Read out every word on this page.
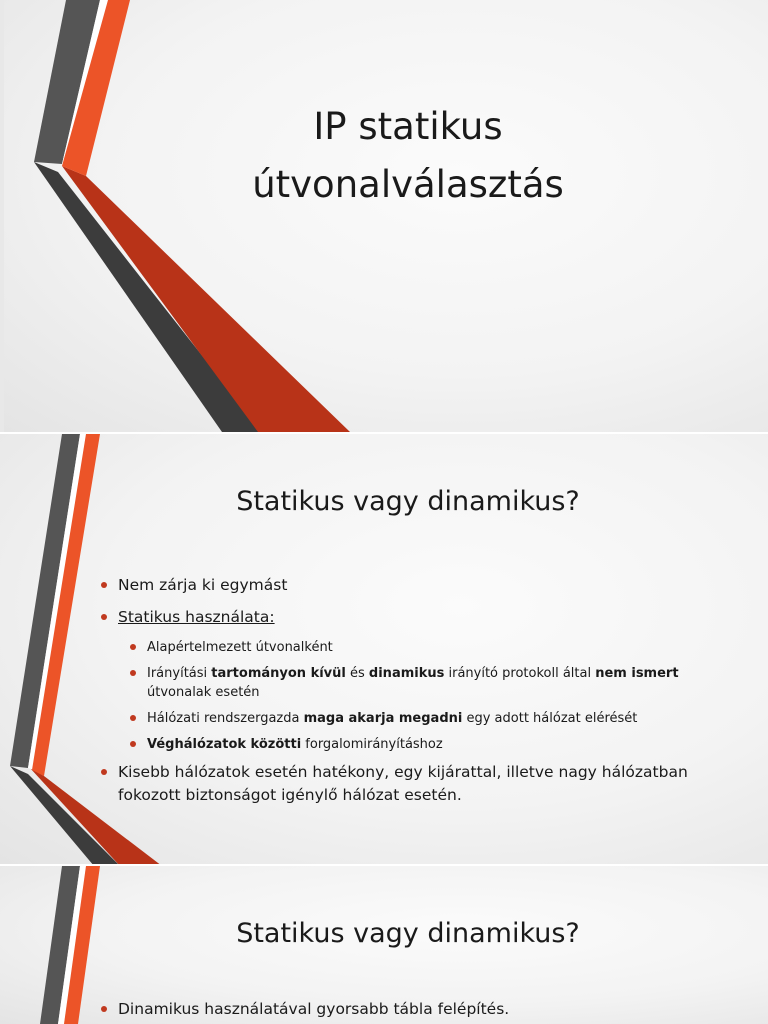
IP statikus
útvonalválasztás
Statikus vagy dinamikus?
Nem zárja ki egymást
Statikus használata:
Alapértelmezett útvonalként
Irányítási tartományon kívül és dinamikus irányító protokoll által nem ismert útvonalak esetén
Hálózati rendszergazda maga akarja megadni egy adott hálózat elérését
Véghálózatok közötti forgalomirányításhoz
Kisebb hálózatok esetén hatékony, egy kijárattal, illetve nagy hálózatban fokozott biztonságot igénylő hálózat esetén.
Statikus vagy dinamikus?
Dinamikus használatával gyorsabb tábla felépítés.
